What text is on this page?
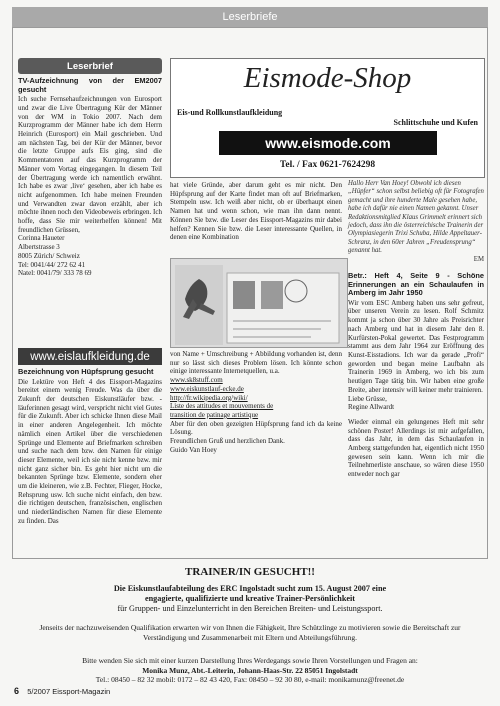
Leserbriefe
Leserbrief

TV-Aufzeichnung von der EM2007 gesucht

Ich suche Fernsehaufzeichnungen von Eurosport und zwar die Live Übertragung Kür der Männer von der WM in Tokio 2007. Nach dem Kurzprogramm der Männer habe ich dem Herrn Heinrich (Eurosport) ein Mail geschrieben. Und am nächsten Tag, bei der Kür der Männer, bevor die letzte Gruppe aufs Eis ging, sind die Kommentatoren auf das Kurzprogramm der Männer vom Vortag eingegangen. In diesem Teil der Übertragung werde ich namentlich erwähnt. Ich habe es zwar ‚live‘ gesehen, aber ich habe es nicht aufgenommen. Ich habe meinen Freunden und Verwandten zwar davon erzählt, aber ich möchte ihnen noch den Videobeweis erbringen. Ich hoffe, dass Sie mir weiterhelfen können! Mit freundlichen Grüssen,

Corinna Haueter

Albertstrasse 3

8005 Zürich/ Schweiz

Tel: 0041/44/ 272 62 41

Natel: 0041/79/ 333 78 69

www.eislaufkleidung.de

Bezeichnung von Hüpfsprung gesucht

Die Lektüre von Heft 4 des Eissport-Magazins bereitet einem wenig Freude. Was da über die Zukunft der deutschen Eiskunstläufer bzw. -läuferinnen gesagt wird, verspricht nicht viel Gutes für die Zukunft. Aber ich schicke Ihnen diese Mail in einer anderen Angelegenheit. Ich möchte nämlich einen Artikel über die verschiedenen Sprünge und Elemente auf Briefmarken schreiben und suche nach dem bzw. den Namen für einige dieser Elemente, weil ich sie nicht kenne bzw. mir nicht ganz sicher bin. Es geht hier nicht um die bekannten Sprünge bzw. Elemente, sondern eher um die kleineren, wie z.B. Fechter, Flieger, Hocke, Rehsprung usw. Ich suche nicht einfach, den bzw. die richtigen deutschen, französischen, englischen und niederländischen Namen für diese Elemente zu finden. Das

Eismode-Shop
Eis-und Rollkunstlaufkleidung
Schlittschuhe und Kufen
www.eismode.com
Tel. / Fax 0621-7624298

hat viele Gründe, aber darum geht es mir nicht. Den Hüpfsprung auf der Karte findet man oft auf Briefmarken, Stempeln usw. Ich weiß aber nicht, ob er überhaupt einen Namen hat und wenn schon, wie man ihn dann nennt. Können Sie bzw. die Leser des Eissport-Magazins mir dabei helfen? Kennen Sie bzw. die Leser interessante Quellen, in denen eine Kombination

Hallo Herr Van Hoey! Obwohl ich diesen „Hüpfer“ schon selbst beliebig oft für Fotografen gemacht und ihre hunderte Male gesehen habe, habe ich dafür nie einen Namen gekannt. Unser Redaktionsmitglied Klaus Grimmelt erinnert sich jedoch, dass ihn die österreichische Trainerin der Olympiasiegerin Trixi Schuba, Hilde Appeltauer-Schranz, in den 60er Jahren „Freudensprung“ genannt hat.
EM

von Name + Umschreibung + Abbildung vorhanden ist, denn nur so lässt sich dieses Problem lösen. Ich könnte schon einige interessante Internetquellen, u.a.

www.sk8stuff.com

www.eiskunstlauf-ecke.de

http://fr.wikipedia.org/wiki/

Liste des attitudes et mouvements de

transition de patinage artistique

Aber für den oben gezeigten Hüpfsprung fand ich da keine Lösung.

Freundlichen Gruß und herzlichen Dank.

Guido Van Hoey

Betr.: Heft 4, Seite 9 - Schöne Erinnerungen an ein Schaulaufen in Amberg im Jahr 1950

Wir vom ESC Amberg haben uns sehr gefreut, über unseren Verein zu lesen. Rolf Schmitz kommt ja schon über 30 Jahre als Preisrichter nach Amberg und hat in diesem Jahr den 8. Kurfürsten-Pokal gewertet. Das Festprogramm stammt aus dem Jahr 1964 zur Eröffnung des Kunst-Eisstadions. Ich war da gerade „Profi“ geworden und began meine Laufbahn als Trainerin 1969 in Amberg, wo ich bis zum heutigen Tage tätig bin. Wir haben eine große Breite, aber intensiv will keiner mehr trainieren.

Liebe Grüsse,

Regine Allwardt

Wieder einmal ein gelungenes Heft mit sehr schönen Poster! Allerdings ist mir aufgefallen, dass das Jahr, in dem das Schaulaufen in Amberg stattgefunden hat, eigentlich nicht 1950 gewesen sein kann. Wenn ich mir die Teilnehmerliste anschaue, so wären diese 1950 entweder noch gar

TRAINER/IN GESUCHT!!
Die Eiskunstlaufabteilung des ERC Ingolstadt sucht zum 15. August 2007 eine
engagierte, qualifizierte und kreative Trainer-Persönlichkeit
für Gruppen- und Einzelunterricht in den Bereichen Breiten- und Leistungssport.
Jenseits der nachzuweisenden Qualifikation erwarten wir von Ihnen die Fähigkeit, Ihre Schützlinge zu motivieren sowie die Bereitschaft zur Verständigung und Zusammenarbeit mit Eltern und Abteilungsführung.
Bitte wenden Sie sich mit einer kurzen Darstellung Ihres Werdegangs sowie Ihren Vorstellungen und Fragen an:
Monika Munz, Abt.-Leiterin, Johann-Haas-Str. 22 85051 Ingolstadt
Tel.: 08450 – 82 32 mobil: 0172 – 82 43 420, Fax: 08450 – 92 30 80, e-mail: monikamunz@freenet.de
6 5/2007 Eissport-Magazin
